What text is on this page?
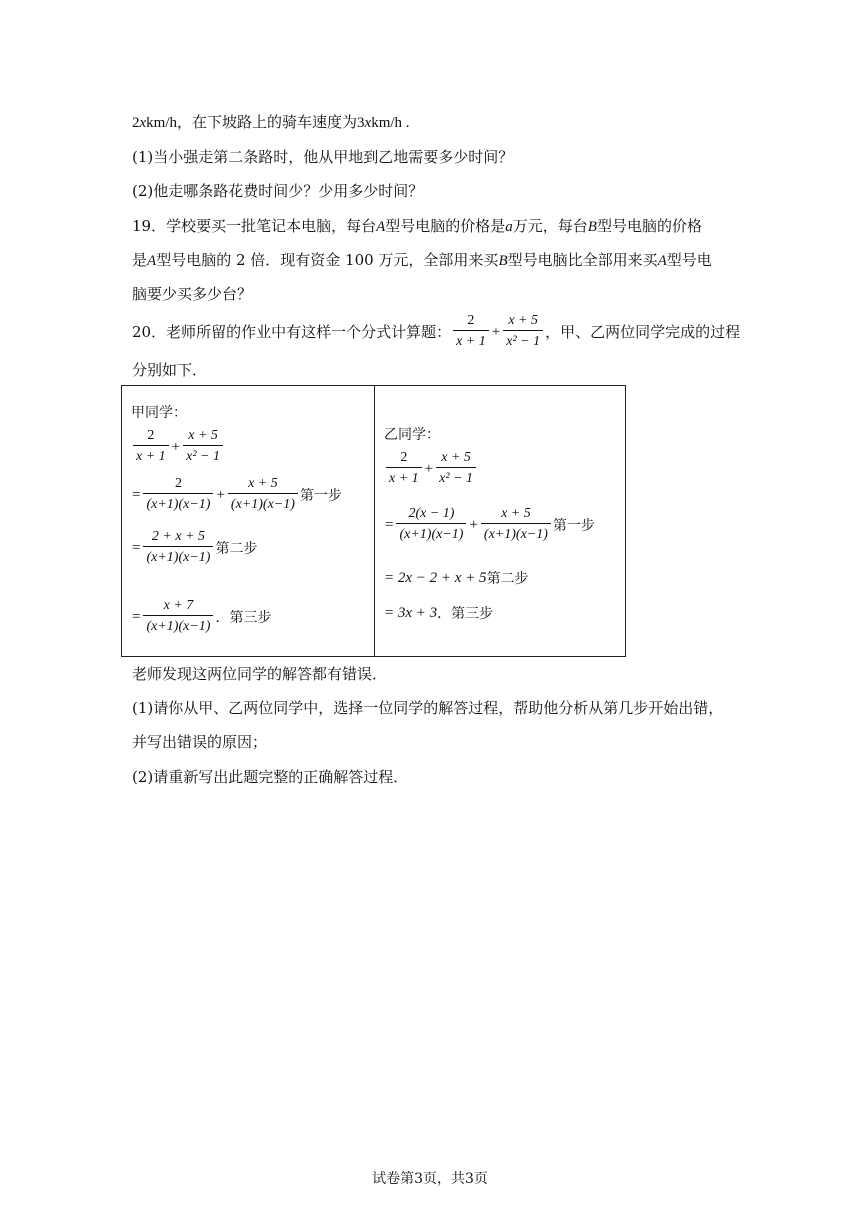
2xkm/h，在下坡路上的骑车速度为3xkm/h .
(1)当小强走第二条路时，他从甲地到乙地需要多少时间？
(2)他走哪条路花费时间少？少用多少时间？
19．学校要买一批笔记本电脑，每台A型号电脑的价格是a万元，每台B型号电脑的价格
是A型号电脑的 2 倍．现有资金 100 万元，全部用来买B型号电脑比全部用来买A型号电
脑要少买多少台？
20．老师所留的作业中有这样一个分式计算题： $\frac{2}{x + 1} + \frac{x + 5}{\text{x² − 1}}$ ，甲、乙两位同学完成的过程
分别如下．
甲同学：
$\frac{2}{x + 1} + \frac{x + 5}{\text{x² − 1}}$
= $\frac{2}{(x+1)(x-1)} + \frac{x + 5}{(x+1)(x-1)}$ 第一步
= $\frac{2 + x + 5}{(x+1)(x-1)}$ 第二步
= $\frac{x + 7}{(x+1)(x-1)}$ ．第三步

乙同学：
$\frac{2}{x + 1} + \frac{x + 5}{\text{x² − 1}}$
= $\frac{2(x - 1)}{(x+1)(x-1)} + \frac{x + 5}{(x+1)(x-1)}$ 第一步
= 2x − 2 + x + 5 第二步
= 3x + 3 ．第三步
老师发现这两位同学的解答都有错误．
(1)请你从甲、乙两位同学中，选择一位同学的解答过程，帮助他分析从第几步开始出错，
并写出错误的原因；
(2)请重新写出此题完整的正确解答过程．
试卷第3页，共3页
